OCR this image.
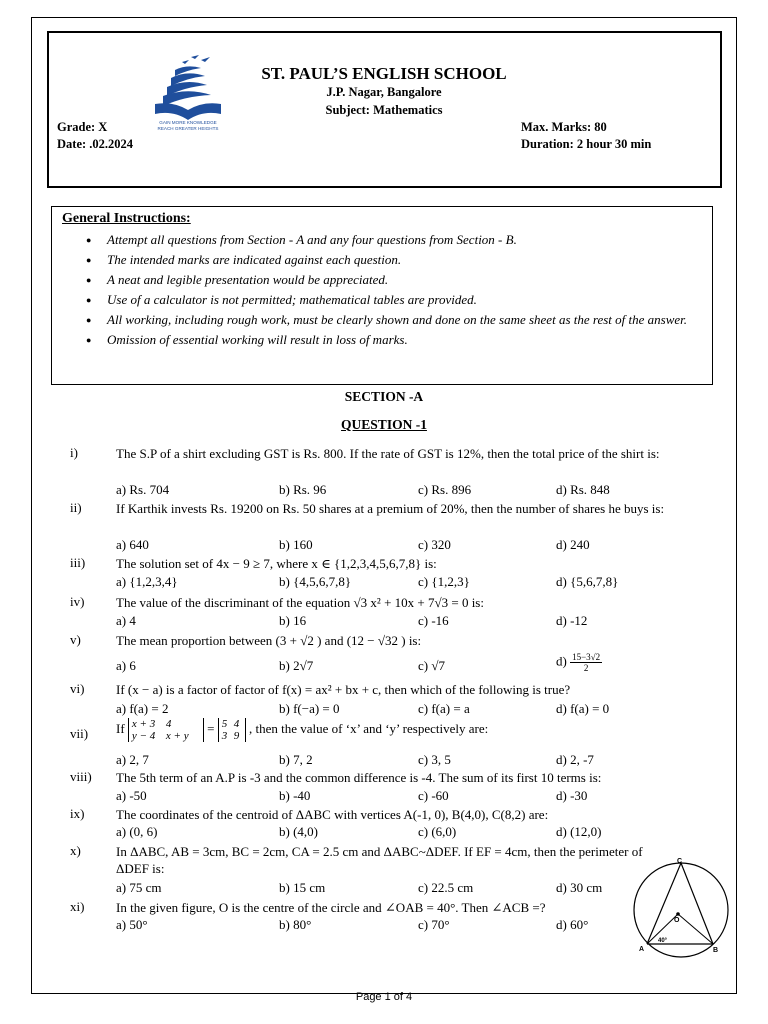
GAIN MORE KNOWLEDGE
REACH GREATER HEIGHTS
ST. PAUL’S ENGLISH SCHOOL
J.P. Nagar, Bangalore
Subject: Mathematics
Grade: X
Date: .02.2024
Max. Marks: 80
Duration: 2 hour 30 min
General Instructions:
● Attempt all questions from Section - A and any four questions from Section - B.
● The intended marks are indicated against each question.
● A neat and legible presentation would be appreciated.
● Use of a calculator is not permitted; mathematical tables are provided.
● All working, including rough work, must be clearly shown and done on the same sheet as the rest of the answer.
● Omission of essential working will result in loss of marks.
SECTION -A
QUESTION -1
i)	The S.P of a shirt excluding GST is Rs. 800. If the rate of GST is 12%, then the total price of the shirt is:
a) Rs. 704	b) Rs. 96	c) Rs. 896	d) Rs. 848
ii)	If Karthik invests Rs. 19200 on Rs. 50 shares at a premium of 20%, then the number of shares he buys is:
a) 640	b) 160	c) 320	d) 240
iii) The solution set of 4x − 9 ≥ 7, where x ∈ {1,2,3,4,5,6,7,8} is:
a) {1,2,3,4}	b) {4,5,6,7,8}	c) {1,2,3}	d) {5,6,7,8}
iv) The value of the discriminant of the equation √3 x² + 10x + 7√3 = 0 is:
a) 4	b) 16	c) -16	d) -12
v)	The mean proportion between (3 + √2 ) and (12 − √32 ) is:
a) 6	b) 2√7	c) √7	$d) \frac{15-3√2}{2}$
vi) If (x − a) is a factor of factor of f(x) = ax² + bx + c, then which of the following is true?
a) f(a) = 2	b) f(−a) = 0	c) f(a) = a	d) f(a) = 0
vii) If x + 3 4
y − 4 x + y = 5 4
3 9 , then the value of ‘x’ and ‘y’ respectively are:
a) 2, 7	b) 7, 2	c) 3, 5	d) 2, -7
viii) The 5th term of an A.P is -3 and the common difference is -4. The sum of its first 10 terms is:
a) -50	b) -40	c) -60	d) -30
ix) The coordinates of the centroid of ΔABC with vertices A(-1, 0), B(4,0), C(8,2) are:
a) (0, 6)	b) (4,0)	c) (6,0)	d) (12,0)
x)	In ΔABC, AB = 3cm, BC = 2cm, CA = 2.5 cm and ΔABC~ΔDEF. If EF = 4cm, then the perimeter of ΔDEF is:
a) 75 cm	b) 15 cm	c) 22.5 cm	d) 30 cm
xi) In the given figure, O is the centre of the circle and ∠OAB = 40°. Then ∠ACB =?
a) 50°	b) 80°	c) 70°	d) 60°
C
O
A	B
40°
Page 1 of 4
